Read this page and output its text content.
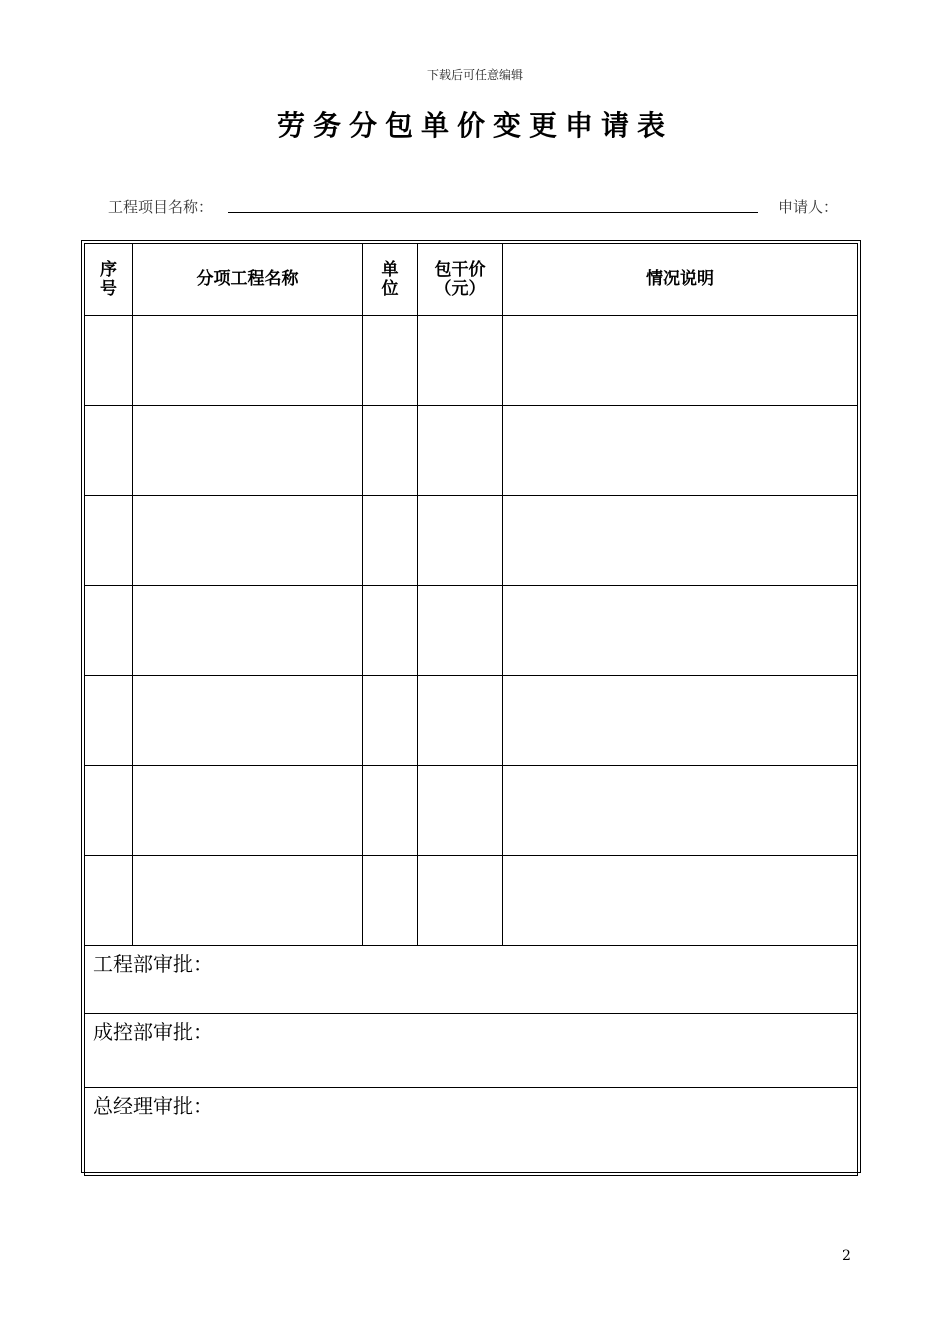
下载后可任意编辑
劳务分包单价变更申请表
工程项目名称：	申请人：
序号	分项工程名称	单位	包干价（元）	情况说明

工程部审批：				
成控部审批：				
总经理审批：				
2
